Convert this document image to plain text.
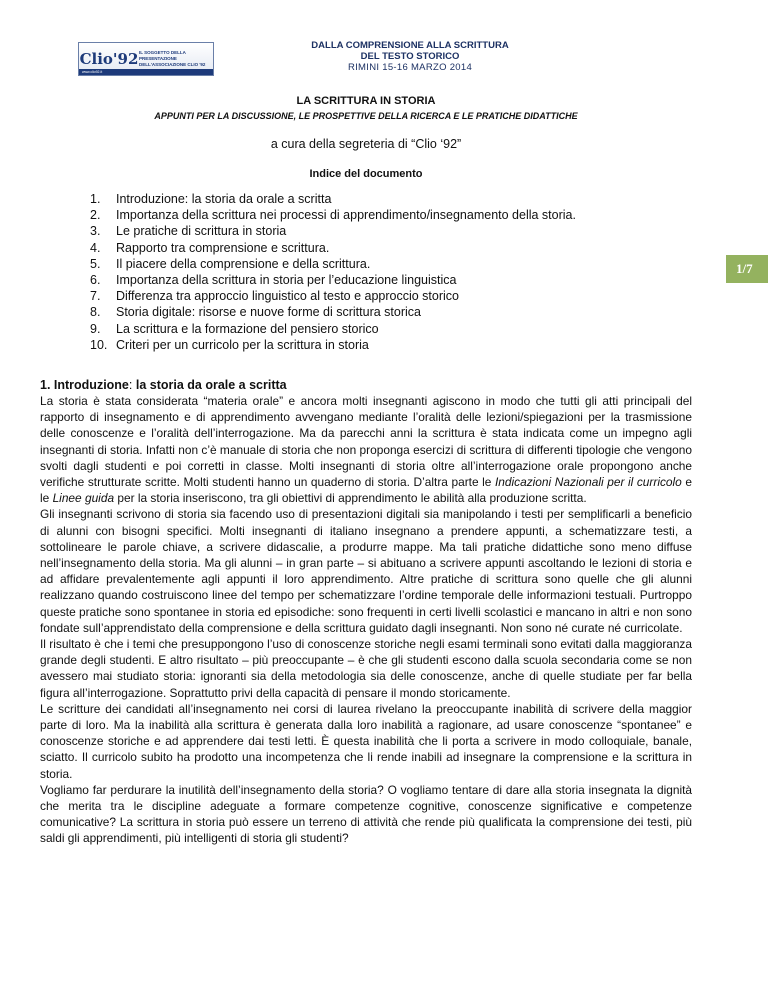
Clio'92 IL SOGGETTO DELLA PRESENTAZIONE
DELL'ASSOCIAZIONE CLIO '92
www.clio92.it
DALLA COMPRENSIONE ALLA SCRITTURA
DEL TESTO STORICO
RIMINI 15-16 MARZO 2014
1/7
LA SCRITTURA IN STORIA
APPUNTI PER LA DISCUSSIONE, LE PROSPETTIVE DELLA RICERCA E LE PRATICHE DIDATTICHE
a cura della segreteria di “Clio ‘92”
Indice del documento
1.	Introduzione: la storia da orale a scritta
2.	Importanza della scrittura nei processi di apprendimento/insegnamento della storia.
3.	Le pratiche di scrittura in storia
4.	Rapporto tra comprensione e scrittura.
5.	Il piacere della comprensione e della scrittura.
6.	Importanza della scrittura in storia per l’educazione linguistica
7.	Differenza tra approccio linguistico al testo e approccio storico
8.	Storia digitale: risorse e nuove forme di scrittura storica
9.	La scrittura e la formazione del pensiero storico
10. Criteri per un curricolo per la scrittura in storia
1. Introduzione: la storia da orale a scritta

La storia è stata considerata “materia orale” e ancora molti insegnanti agiscono in modo che tutti gli atti principali del rapporto di insegnamento e di apprendimento avvengano mediante l’oralità delle lezioni/spiegazioni per la trasmissione delle conoscenze e l’oralità dell’interrogazione. Ma da parecchi anni la scrittura è stata indicata come un impegno agli insegnanti di storia. Infatti non c’è manuale di storia che non proponga esercizi di scrittura di differenti tipologie che vengono svolti dagli studenti e poi corretti in classe. Molti insegnanti di storia oltre all’interrogazione orale propongono anche verifiche strutturate scritte. Molti studenti hanno un quaderno di storia. D’altra parte le Indicazioni Nazionali per il curricolo e le Linee guida per la storia inseriscono, tra gli obiettivi di apprendimento le abilità alla produzione scritta.

Gli insegnanti scrivono di storia sia facendo uso di presentazioni digitali sia manipolando i testi per semplificarli a beneficio di alunni con bisogni specifici. Molti insegnanti di italiano insegnano a prendere appunti, a schematizzare testi, a sottolineare le parole chiave, a scrivere didascalie, a produrre mappe. Ma tali pratiche didattiche sono meno diffuse nell’insegnamento della storia. Ma gli alunni – in gran parte – si abituano a scrivere appunti ascoltando le lezioni di storia e ad affidare prevalentemente agli appunti il loro apprendimento. Altre pratiche di scrittura sono quelle che gli alunni realizzano quando costruiscono linee del tempo per schematizzare l’ordine temporale delle informazioni testuali. Purtroppo queste pratiche sono spontanee in storia ed episodiche: sono frequenti in certi livelli scolastici e mancano in altri e non sono fondate sull’apprendistato della comprensione e della scrittura guidato dagli insegnanti. Non sono né curate né curricolate.

Il risultato è che i temi che presuppongono l’uso di conoscenze storiche negli esami terminali sono evitati dalla maggioranza grande degli studenti. E altro risultato – più preoccupante – è che gli studenti escono dalla scuola secondaria come se non avessero mai studiato storia: ignoranti sia della metodologia sia delle conoscenze, anche di quelle studiate per far bella figura all’interrogazione. Soprattutto privi della capacità di pensare il mondo storicamente.

Le scritture dei candidati all’insegnamento nei corsi di laurea rivelano la preoccupante inabilità di scrivere della maggior parte di loro. Ma la inabilità alla scrittura è generata dalla loro inabilità a ragionare, ad usare conoscenze “spontanee” e conoscenze storiche e ad apprendere dai testi letti. È questa inabilità che li porta a scrivere in modo colloquiale, banale, sciatto. Il curricolo subito ha prodotto una incompetenza che li rende inabili ad insegnare la comprensione e la scrittura in storia.

Vogliamo far perdurare la inutilità dell’insegnamento della storia? O vogliamo tentare di dare alla storia insegnata la dignità che merita tra le discipline adeguate a formare competenze cognitive, conoscenze significative e competenze comunicative? La scrittura in storia può essere un terreno di attività che rende più qualificata la comprensione dei testi, più saldi gli apprendimenti, più intelligenti di storia gli studenti?
